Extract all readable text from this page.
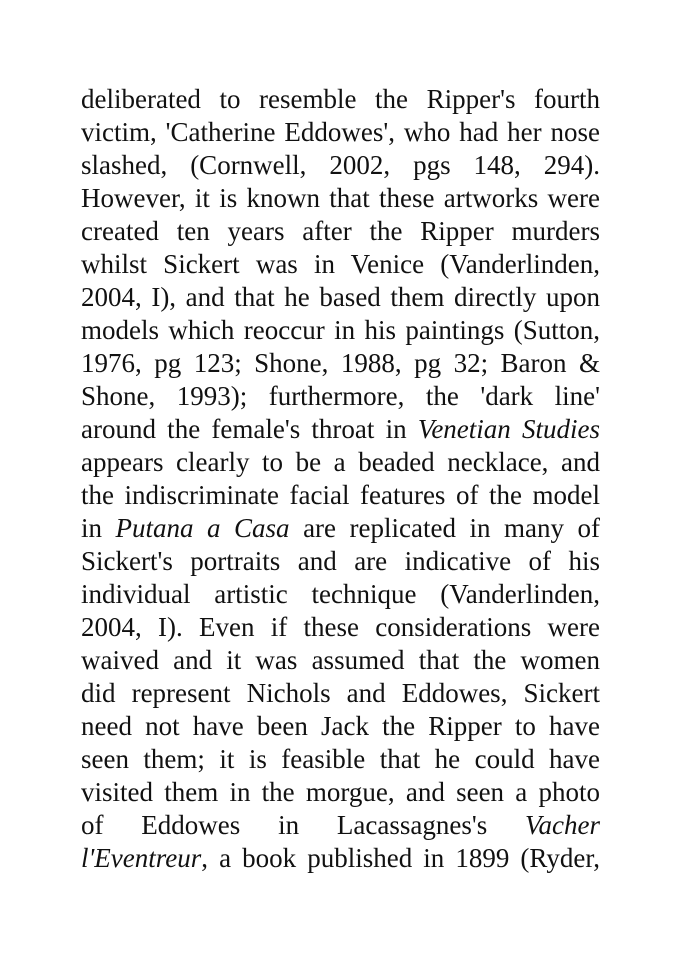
deliberated to resemble the Ripper's fourth
victim, 'Catherine Eddowes', who had her nose
slashed, (Cornwell, 2002, pgs 148, 294).
However, it is known that these artworks were
created ten years after the Ripper murders
whilst Sickert was in Venice (Vanderlinden,
2004, I), and that he based them directly upon
models which reoccur in his paintings (Sutton,
1976, pg 123; Shone, 1988, pg 32; Baron &
Shone, 1993); furthermore, the 'dark line'
around the female's throat in Venetian Studies
appears clearly to be a beaded necklace, and
the indiscriminate facial features of the model
in Putana a Casa are replicated in many of
Sickert's portraits and are indicative of his
individual artistic technique (Vanderlinden,
2004, I). Even if these considerations were
waived and it was assumed that the women
did represent Nichols and Eddowes, Sickert
need not have been Jack the Ripper to have
seen them; it is feasible that he could have
visited them in the morgue, and seen a photo
of Eddowes in Lacassagnes's Vacher
l'Eventreur, a book published in 1899 (Ryder,
